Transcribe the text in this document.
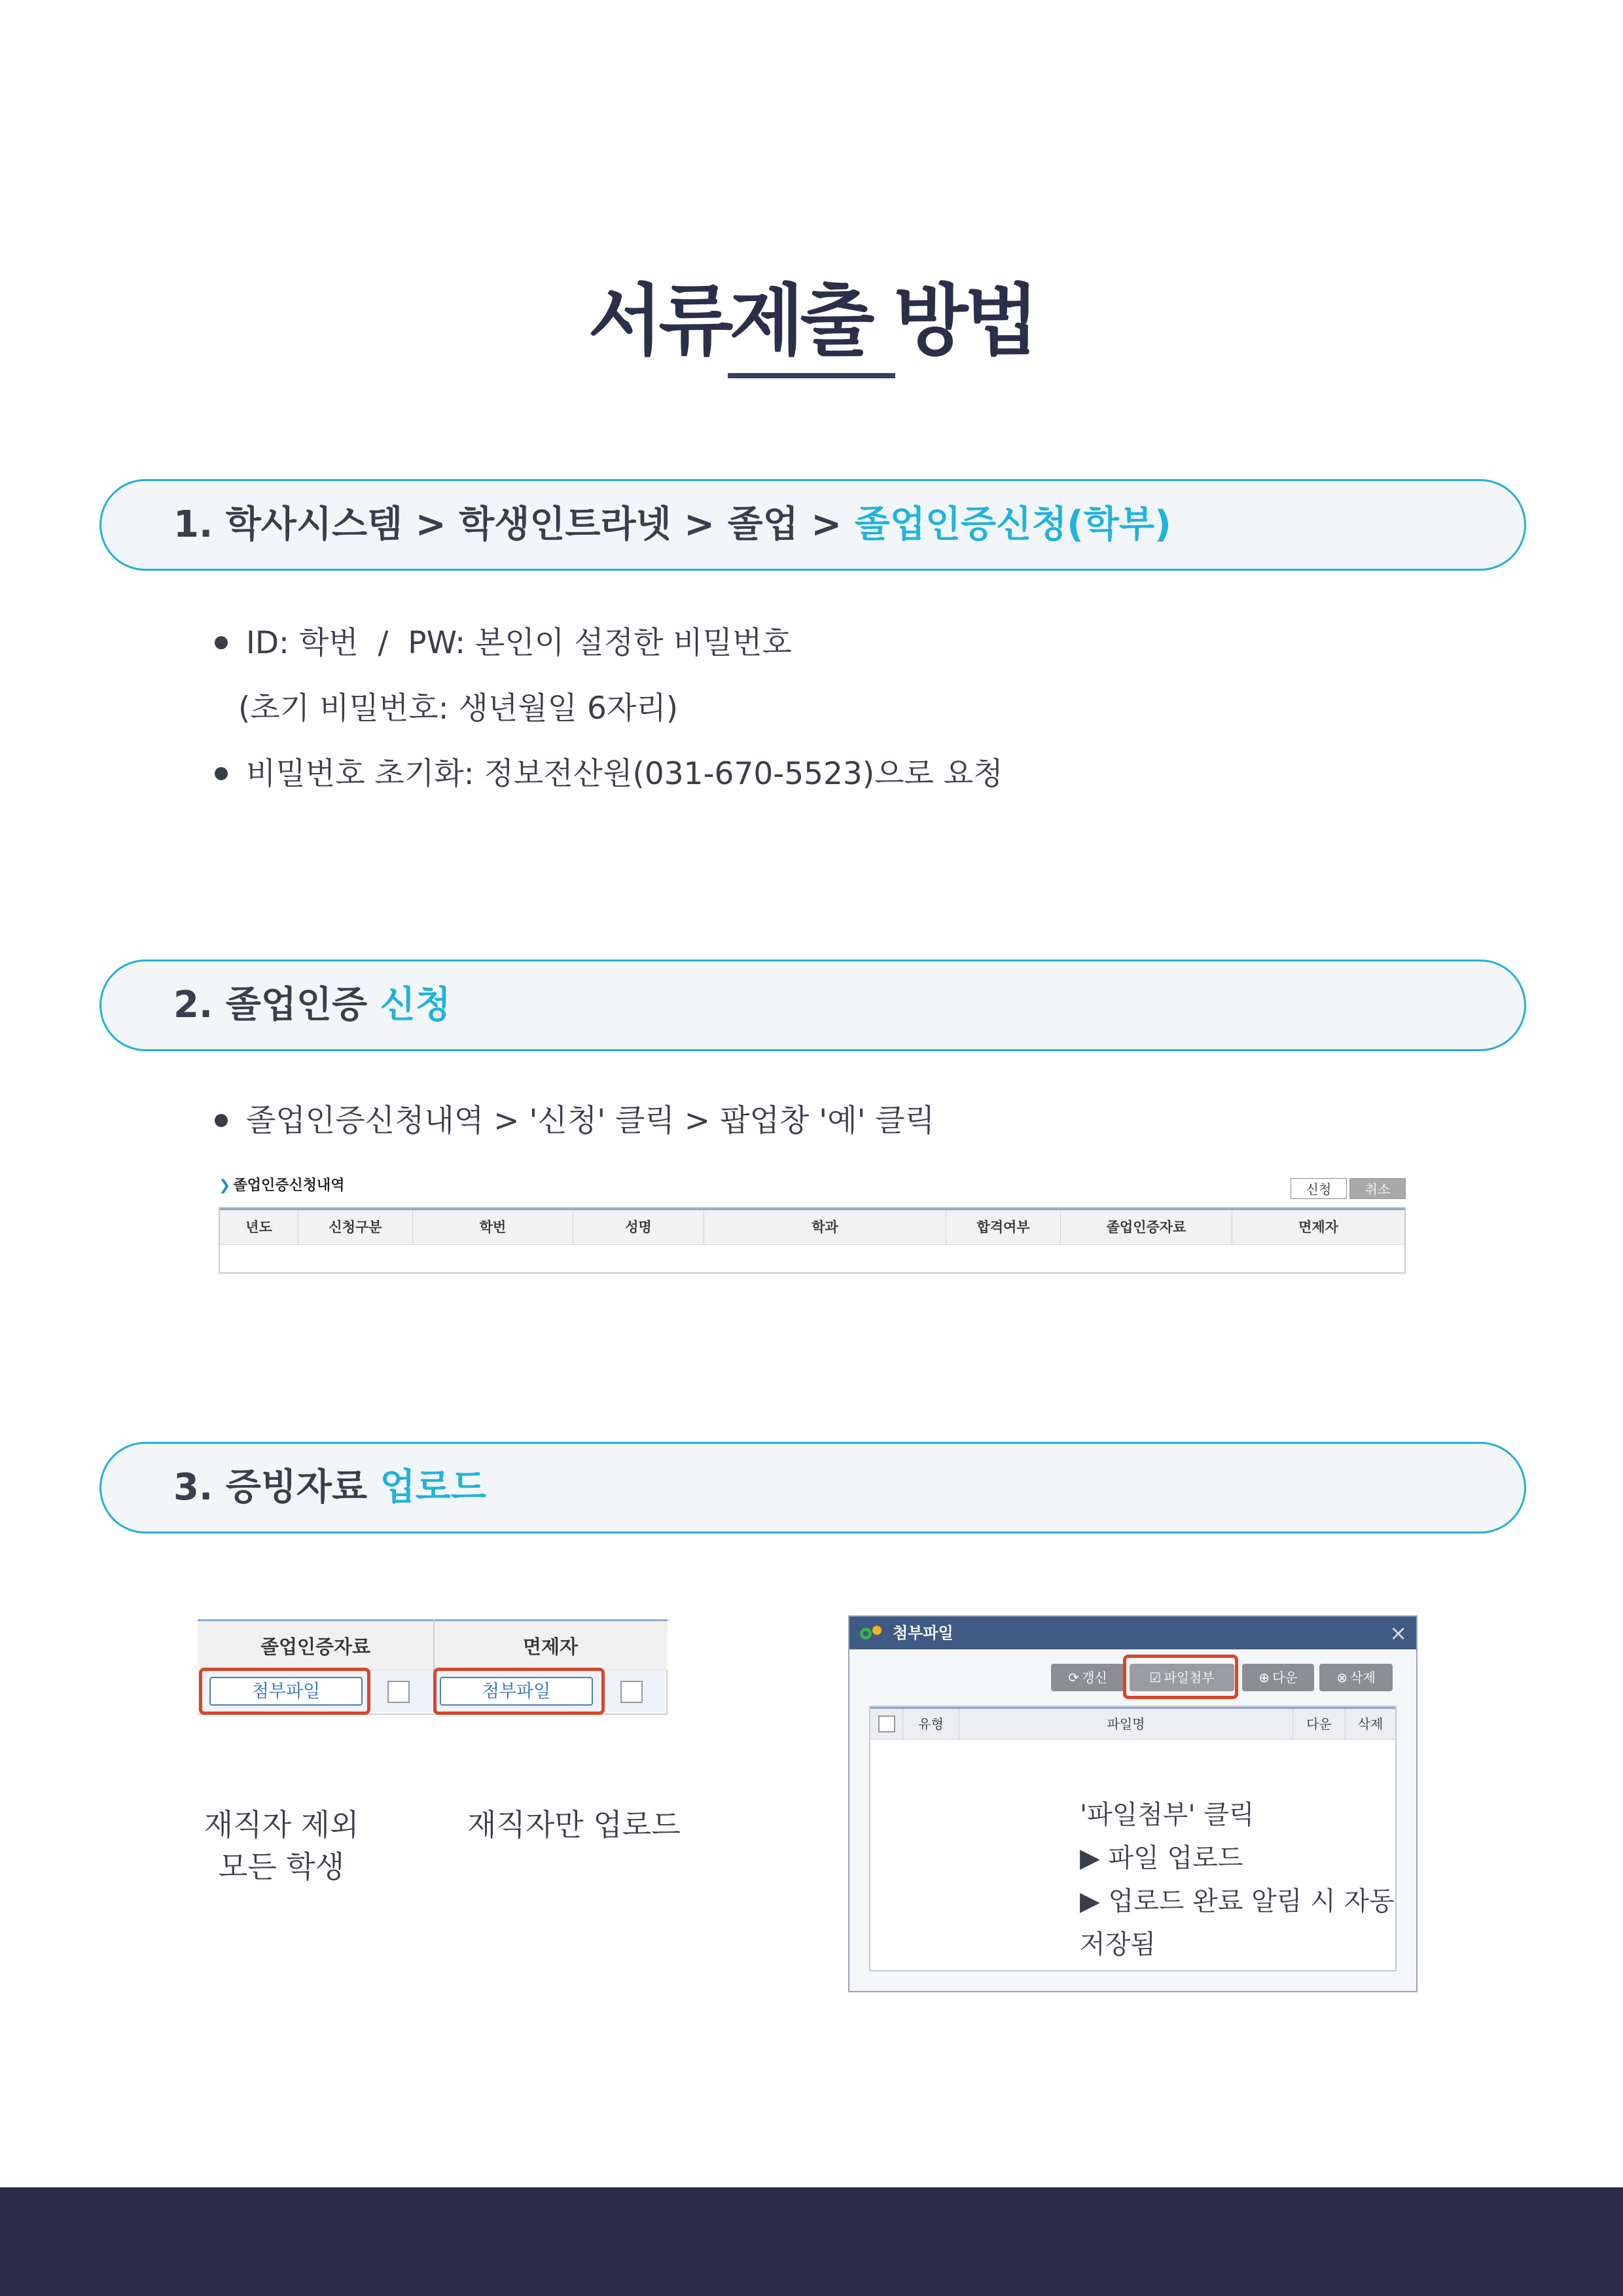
서류제출 방법
1. 학사시스템 > 학생인트라넷 > 졸업 > 졸업인증신청(학부)
ID: 학번  /  PW: 본인이 설정한 비밀번호
(초기 비밀번호: 생년월일 6자리)
비밀번호 초기화: 정보전산원(031-670-5523)으로 요청
2. 졸업인증 신청
졸업인증신청내역 > '신청' 클릭 > 팝업창 '예' 클릭
❯ 졸업인증신청내역	신청	취소
년도	신청구분	학번	성명	학과	합격여부	졸업인증자료	면제자
3. 증빙자료 업로드
졸업인증자료	면제자
첨부파일	첨부파일
재직자 제외
모든 학생
재직자만 업로드
첨부파일	×
⟳ 갱신	☑ 파일첨부	⊕ 다운	⊗ 삭제
유형	파일명	다운	삭제
'파일첨부' 클릭
▶ 파일 업로드
▶ 업로드 완료 알림 시 자동
저장됨
